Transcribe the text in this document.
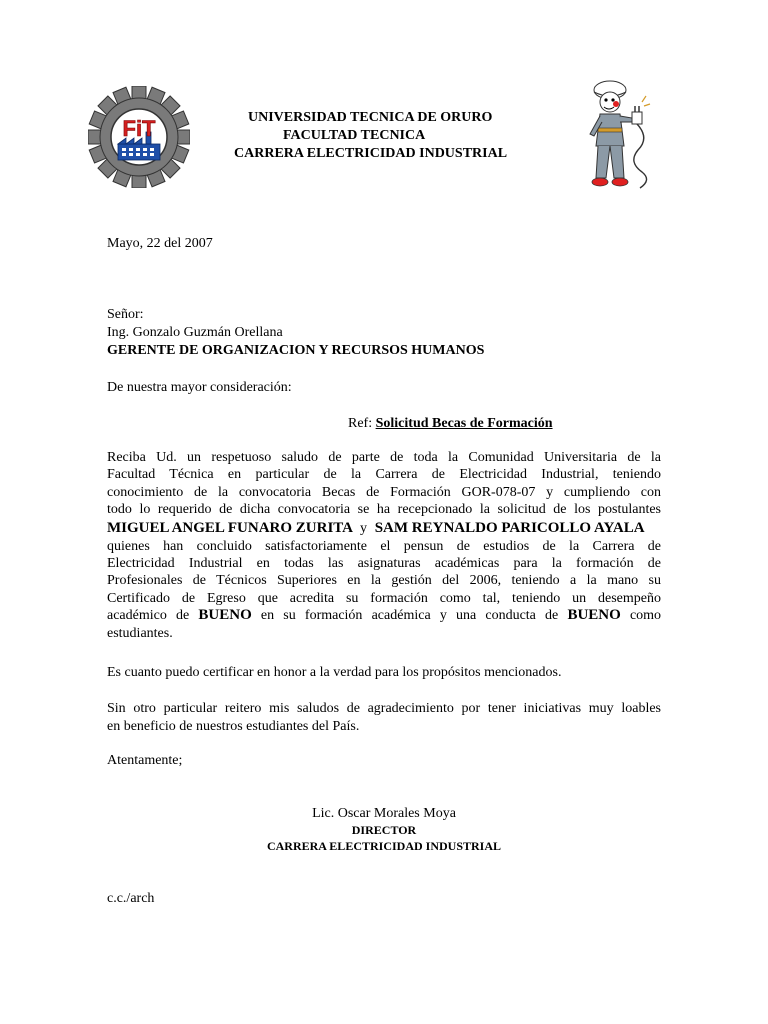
FiT	UNIVERSIDAD TECNICA DE ORURO
FACULTAD TECNICA
CARRERA ELECTRICIDAD INDUSTRIAL
Mayo, 22 del 2007
Señor:
Ing. Gonzalo Guzmán Orellana
GERENTE DE ORGANIZACION Y RECURSOS HUMANOS
De nuestra mayor consideración:
Ref: Solicitud Becas de Formación
Reciba Ud. un respetuoso saludo de parte de toda la Comunidad Universitaria de la
Facultad Técnica en particular de la Carrera de Electricidad Industrial, teniendo
conocimiento de la convocatoria Becas de Formación GOR-078-07 y cumpliendo con
todo lo requerido de dicha convocatoria se ha recepcionado la solicitud de los postulantes
MIGUEL ANGEL FUNARO ZURITA y SAM REYNALDO PARICOLLO AYALA
quienes han concluido satisfactoriamente el pensun de estudios de la Carrera de
Electricidad Industrial en todas las asignaturas académicas para la formación de
Profesionales de Técnicos Superiores en la gestión del 2006, teniendo a la mano su
Certificado de Egreso que acredita su formación como tal, teniendo un desempeño
académico de BUENO en su formación académica y una conducta de BUENO como
estudiantes.
Es cuanto puedo certificar en honor a la verdad para los propósitos mencionados.
Sin otro particular reitero mis saludos de agradecimiento por tener iniciativas muy loables
en beneficio de nuestros estudiantes del País.
Atentamente;
Lic. Oscar Morales Moya
DIRECTOR
CARRERA ELECTRICIDAD INDUSTRIAL
c.c./arch
